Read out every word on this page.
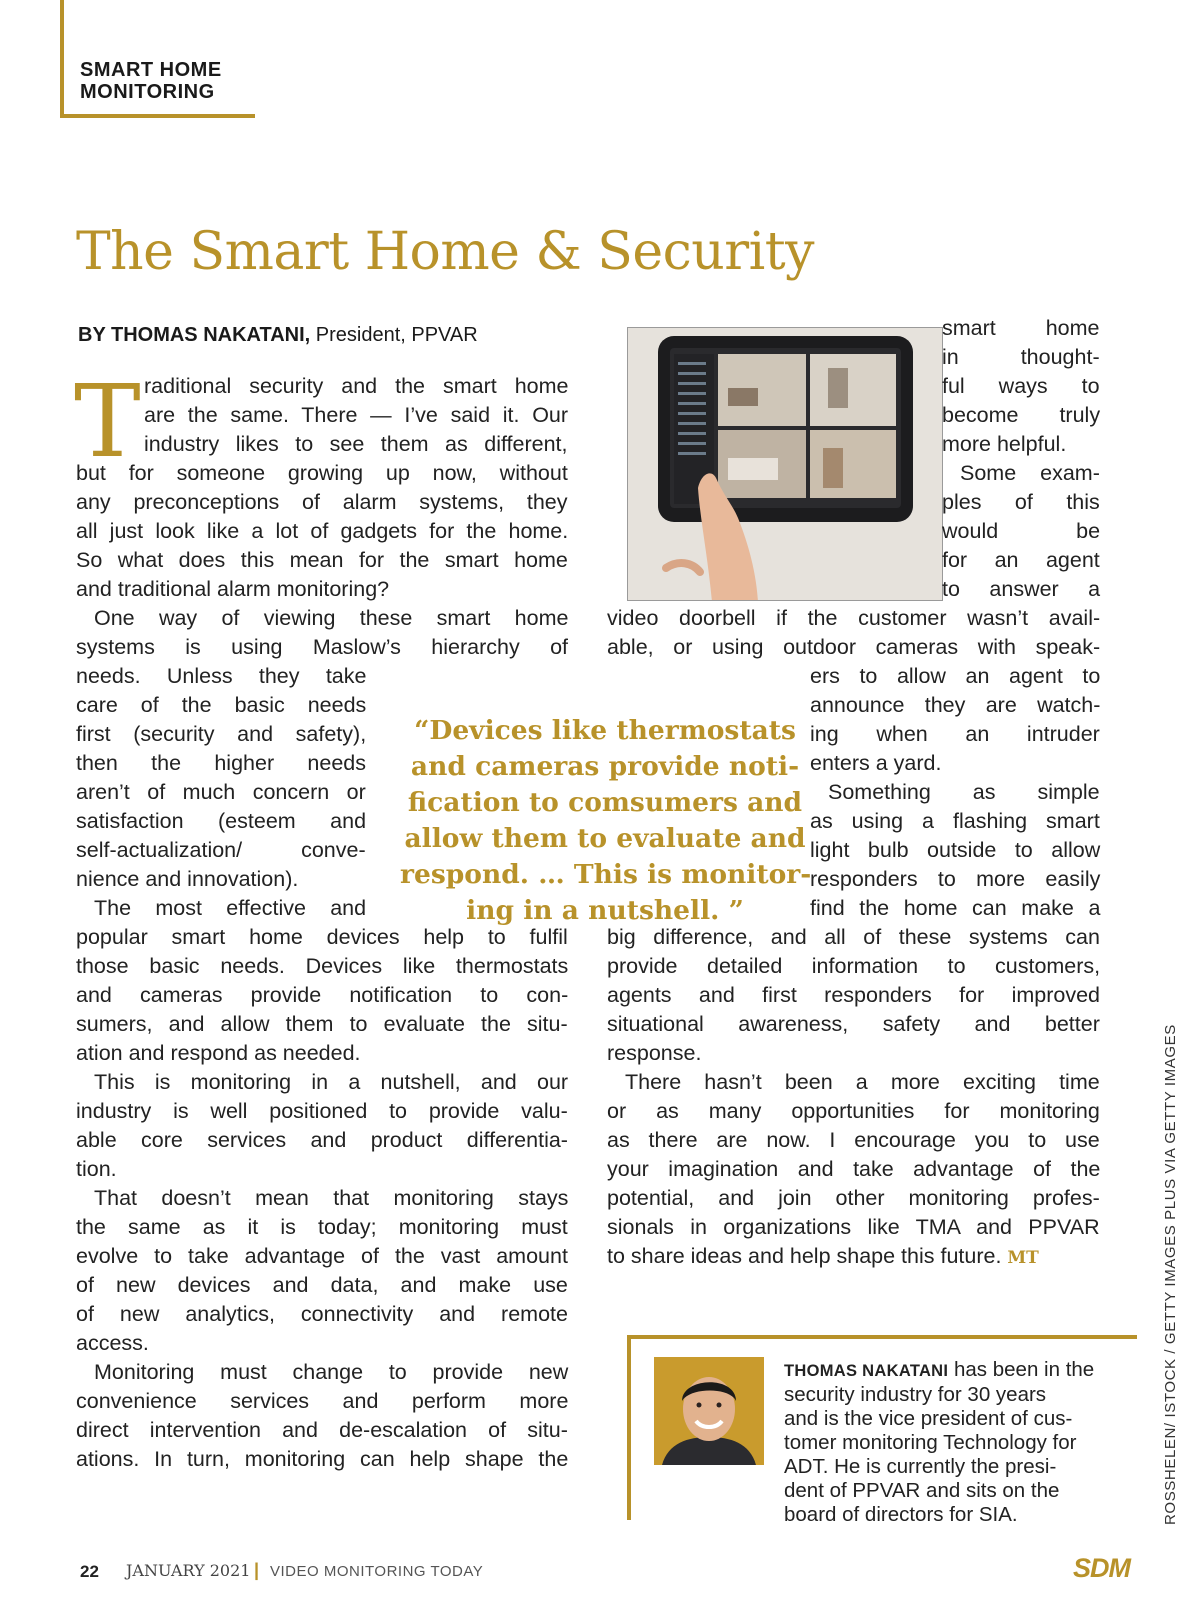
SMART HOME
MONITORING
The Smart Home & Security
BY THOMAS NAKATANI, President, PPVAR
T raditional security and the smart home
are the same. There — I’ve said it. Our
industry likes to see them as different,
but for someone growing up now, without
any preconceptions of alarm systems, they
all just look like a lot of gadgets for the home.
So what does this mean for the smart home
and traditional alarm monitoring?
One way of viewing these smart home
systems is using Maslow’s hierarchy of
needs. Unless they take
care of the basic needs
first (security and safety),
then the higher needs
aren’t of much concern or
satisfaction (esteem and
self-actualization/ conve-
nience and innovation).
The most effective and
popular smart home devices help to fulfil
those basic needs. Devices like thermostats
and cameras provide notification to con-
sumers, and allow them to evaluate the situ-
ation and respond as needed.
This is monitoring in a nutshell, and our
industry is well positioned to provide valu-
able core services and product differentia-
tion.
That doesn’t mean that monitoring stays
the same as it is today; monitoring must
evolve to take advantage of the vast amount
of new devices and data, and make use
of new analytics, connectivity and remote
access.
Monitoring must change to provide new
convenience services and perform more
direct intervention and de-escalation of situ-
ations. In turn, monitoring can help shape the
smart home
in thought-
ful ways to
become truly
more helpful.
Some exam-
ples of this
would be
for an agent
to answer a
video doorbell if the customer wasn’t avail-
able, or using outdoor cameras with speak-
ers to allow an agent to
announce they are watch-
ing when an intruder
enters a yard.
Something as simple
as using a flashing smart
light bulb outside to allow
responders to more easily
find the home can make a
big difference, and all of these systems can
provide detailed information to customers,
agents and first responders for improved
situational awareness, safety and better
response.
There hasn’t been a more exciting time
or as many opportunities for monitoring
as there are now. I encourage you to use
your imagination and take advantage of the
potential, and join other monitoring profes-
sionals in organizations like TMA and PPVAR
to share ideas and help shape this future. MT
“Devices like thermostats
and cameras provide noti-
fication to comsumers and
allow them to evaluate and
respond. … This is monitor-
ing in a nutshell. ”
THOMAS NAKATANI has been in the
security industry for 30 years
and is the vice president of cus-
tomer monitoring Technology for
ADT. He is currently the presi-
dent of PPVAR and sits on the
board of directors for SIA.	ROSSHELEN/ ISTOCK / GETTY IMAGES PLUS VIA GETTY IMAGES
22 JANUARY 2021 | VIDEO MONITORING TODAY	SDM
